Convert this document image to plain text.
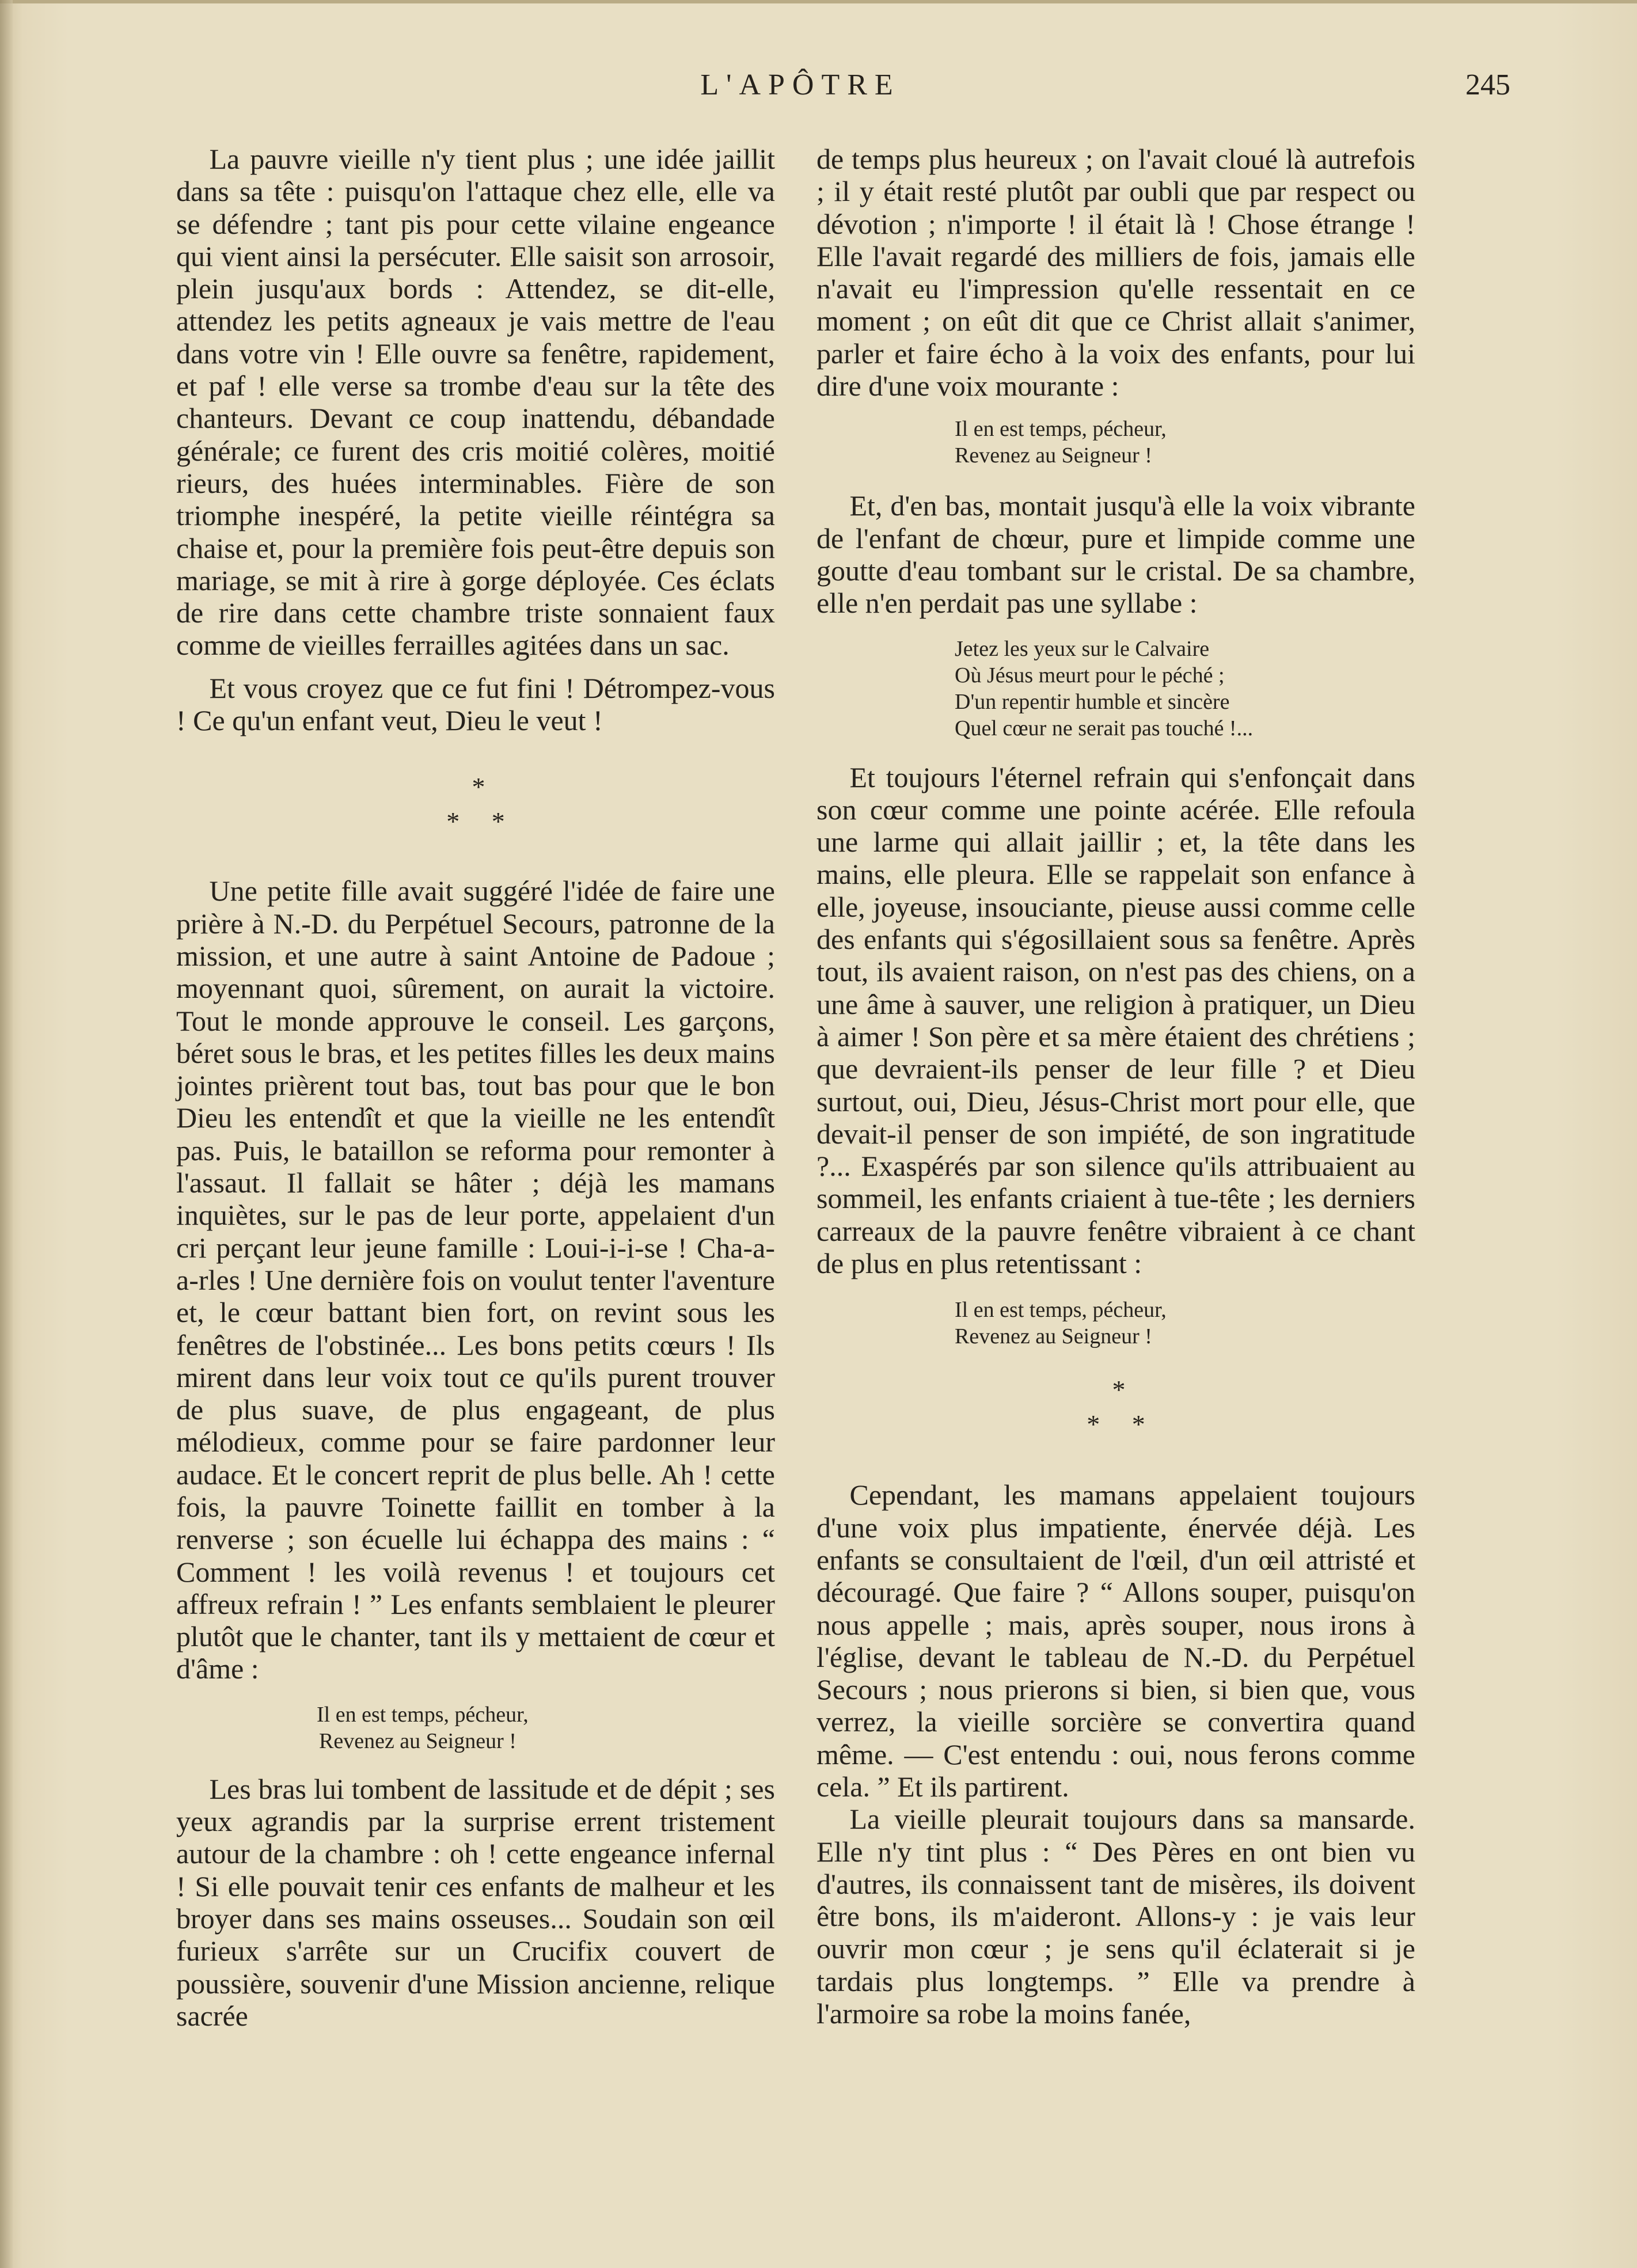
L'APÔTRE	245

La pauvre vieille n'y tient plus ; une idée jaillit dans sa tête : puisqu'on l'attaque chez elle, elle va se défendre ; tant pis pour cette vilaine engeance qui vient ainsi la persécuter. Elle saisit son arrosoir, plein jusqu'aux bords : Attendez, se dit-elle, attendez les petits agneaux je vais mettre de l'eau dans votre vin ! Elle ouvre sa fenêtre, rapidement, et paf ! elle verse sa trombe d'eau sur la tête des chanteurs. Devant ce coup inattendu, débandade générale; ce furent des cris moitié colères, moitié rieurs, des huées interminables. Fière de son triomphe inespéré, la petite vieille réintégra sa chaise et, pour la première fois peut-être depuis son mariage, se mit à rire à gorge déployée. Ces éclats de rire dans cette chambre triste sonnaient faux comme de vieilles ferrailles agitées dans un sac.

Et vous croyez que ce fut fini ! Détrompez-vous ! Ce qu'un enfant veut, Dieu le veut !

*
* *

Une petite fille avait suggéré l'idée de faire une prière à N.-D. du Perpétuel Secours, patronne de la mission, et une autre à saint Antoine de Padoue ; moyennant quoi, sûrement, on aurait la victoire. Tout le monde approuve le conseil. Les garçons, béret sous le bras, et les petites filles les deux mains jointes prièrent tout bas, tout bas pour que le bon Dieu les entendît et que la vieille ne les entendît pas. Puis, le bataillon se reforma pour remonter à l'assaut. Il fallait se hâter ; déjà les mamans inquiètes, sur le pas de leur porte, appelaient d'un cri perçant leur jeune famille : Loui-i-i-se ! Cha-a-a-rles ! Une dernière fois on voulut tenter l'aventure et, le cœur battant bien fort, on revint sous les fenêtres de l'obstinée... Les bons petits cœurs ! Ils mirent dans leur voix tout ce qu'ils purent trouver de plus suave, de plus engageant, de plus mélodieux, comme pour se faire pardonner leur audace. Et le concert reprit de plus belle. Ah ! cette fois, la pauvre Toinette faillit en tomber à la renverse ; son écuelle lui échappa des mains : “ Comment ! les voilà revenus ! et toujours cet affreux refrain ! ” Les enfants semblaient le pleurer plutôt que le chanter, tant ils y mettaient de cœur et d'âme :

Il en est temps, pécheur,
Revenez au Seigneur !

Les bras lui tombent de lassitude et de dépit ; ses yeux agrandis par la surprise errent tristement autour de la chambre : oh ! cette engeance infernal ! Si elle pouvait tenir ces enfants de malheur et les broyer dans ses mains osseuses... Soudain son œil furieux s'arrête sur un Crucifix couvert de poussière, souvenir d'une Mission ancienne, relique sacrée

de temps plus heureux ; on l'avait cloué là autrefois ; il y était resté plutôt par oubli que par respect ou dévotion ; n'importe ! il était là ! Chose étrange ! Elle l'avait regardé des milliers de fois, jamais elle n'avait eu l'impression qu'elle ressentait en ce moment ; on eût dit que ce Christ allait s'animer, parler et faire écho à la voix des enfants, pour lui dire d'une voix mourante :

Il en est temps, pécheur,
Revenez au Seigneur !

Et, d'en bas, montait jusqu'à elle la voix vibrante de l'enfant de chœur, pure et limpide comme une goutte d'eau tombant sur le cristal. De sa chambre, elle n'en perdait pas une syllabe :

Jetez les yeux sur le Calvaire
Où Jésus meurt pour le péché ;
D'un repentir humble et sincère
Quel cœur ne serait pas touché !...

Et toujours l'éternel refrain qui s'enfonçait dans son cœur comme une pointe acérée. Elle refoula une larme qui allait jaillir ; et, la tête dans les mains, elle pleura. Elle se rappelait son enfance à elle, joyeuse, insouciante, pieuse aussi comme celle des enfants qui s'égosillaient sous sa fenêtre. Après tout, ils avaient raison, on n'est pas des chiens, on a une âme à sauver, une religion à pratiquer, un Dieu à aimer ! Son père et sa mère étaient des chrétiens ; que devraient-ils penser de leur fille ? et Dieu surtout, oui, Dieu, Jésus-Christ mort pour elle, que devait-il penser de son impiété, de son ingratitude ?... Exaspérés par son silence qu'ils attribuaient au sommeil, les enfants criaient à tue-tête ; les derniers carreaux de la pauvre fenêtre vibraient à ce chant de plus en plus retentissant :

Il en est temps, pécheur,
Revenez au Seigneur !
*
* *

Cependant, les mamans appelaient toujours d'une voix plus impatiente, énervée déjà. Les enfants se consultaient de l'œil, d'un œil attristé et découragé. Que faire ? “ Allons souper, puisqu'on nous appelle ; mais, après souper, nous irons à l'église, devant le tableau de N.-D. du Perpétuel Secours ; nous prierons si bien, si bien que, vous verrez, la vieille sorcière se convertira quand même. — C'est entendu : oui, nous ferons comme cela. ” Et ils partirent.

La vieille pleurait toujours dans sa mansarde. Elle n'y tint plus : “ Des Pères en ont bien vu d'autres, ils connaissent tant de misères, ils doivent être bons, ils m'aideront. Allons-y : je vais leur ouvrir mon cœur ; je sens qu'il éclaterait si je tardais plus longtemps. ” Elle va prendre à l'armoire sa robe la moins fanée,
